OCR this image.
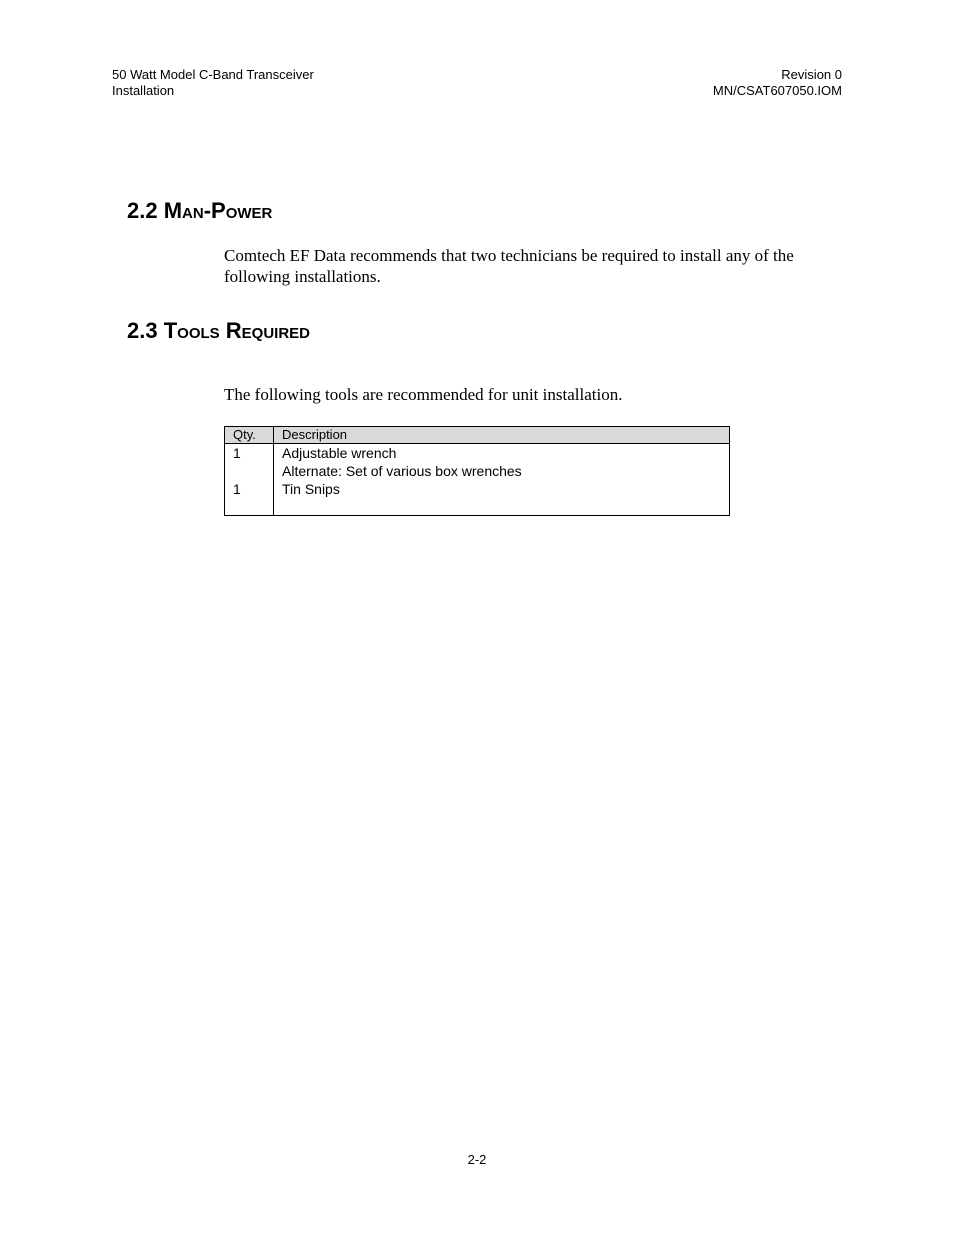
50 Watt Model C-Band Transceiver
Installation
Revision 0
MN/CSAT607050.IOM
2.2 Man-Power

Comtech EF Data recommends that two technicians be required to install any of the following installations.

2.3 Tools Required

The following tools are recommended for unit installation.

Qty.	Description
1	Adjustable wrench
	Alternate: Set of various box wrenches
1	Tin Snips
2-2
